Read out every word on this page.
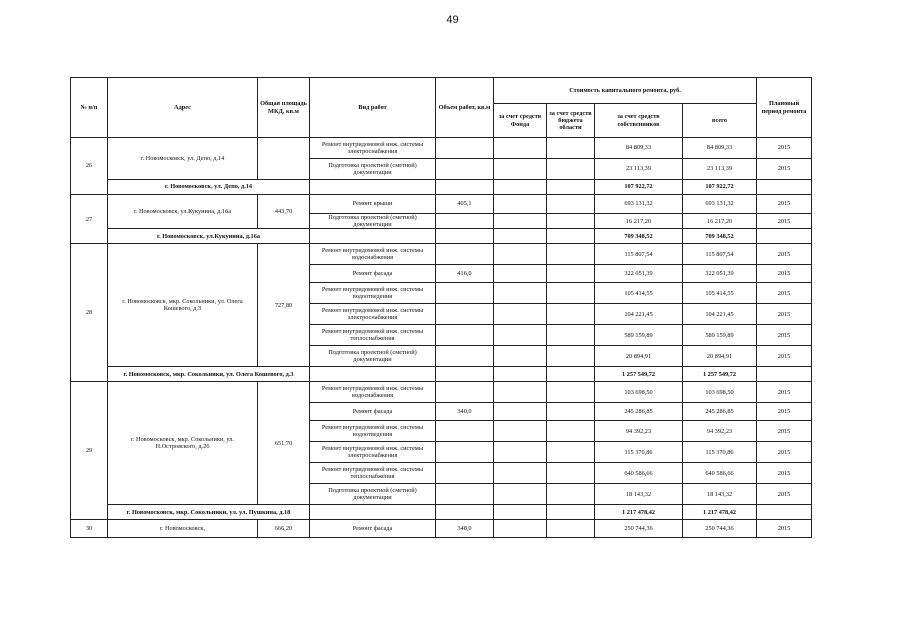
49
№ п/п	Адрес	Общая площадь МКД, кв.м	Вид работ	Объем работ, кв.м	Стоимость капитального ремонта, руб.				Плановый период ремонта
					за счет средств Фонда	за счет средств бюджета области	за счет средств собственников	всего	
26	г. Новомосковск, ул. Депо, д.14		Ремонт внутридомовой инж. системы электроснабжения				84 809,33	84 809,33	2015
			Подготовка проектной (сметной) документации				23 113,39	23 113,39	2015
	г. Новомосковск, ул. Депо, д.14						107 922,72	107 922,72	
27	г. Новомосковск, ул.Кукунина, д.16а	443,70	Ремонт крыши	405,1			693 131,32	693 131,32	2015
			Подготовка проектной (сметной) документации				16 217,20	16 217,20	2015
	г. Новомосковск, ул.Кукунина, д.16а						709 348,52	709 348,52	
28	г. Новомосковск, мкр. Сокольники, ул. Олега Кошевого, д.3	727,80	Ремонт внутридомовой инж. системы водоснабжения				115 807,54	115 807,54	2015
			Ремонт фасада	416,0			322 051,39	322 051,39	2015
			Ремонт внутридомовой инж. системы водоотведения				105 414,55	105 414,55	2015
			Ремонт внутридомовой инж. системы электроснабжения				104 221,45	104 221,45	2015
			Ремонт внутридомовой инж. системы теплоснабжения				589 159,89	589 159,89	2015
			Подготовка проектной (сметной) документации				20 894,91	20 894,91	2015
	г. Новомосковск, мкр. Сокольники, ул. Олега Кошевого, д.3						1 257 549,72	1 257 549,72	
29	г. Новомосковск, мкр. Сокольники, ул. Н.Островского, д.26	651,70	Ремонт внутридомовой инж. системы водоснабжения				103 698,50	103 698,50	2015
			Ремонт фасада	340,0			245 286,85	245 286,85	2015
			Ремонт внутридомовой инж. системы водоотведения				94 392,23	94 392,23	2015
			Ремонт внутридомовой инж. системы электроснабжения				115 370,86	115 370,86	2015
			Ремонт внутридомовой инж. системы теплоснабжения				640 586,66	640 586,66	2015
			Подготовка проектной (сметной) документации				18 143,32	18 143,32	2015
	г. Новомосковск, мкр. Сокольники, ул. ул. Пушкина, д.18						1 217 478,42	1 217 478,42	
30	г. Новомосковск,	666,20	Ремонт фасада	348,0			250 744,36	250 744,36	2015
